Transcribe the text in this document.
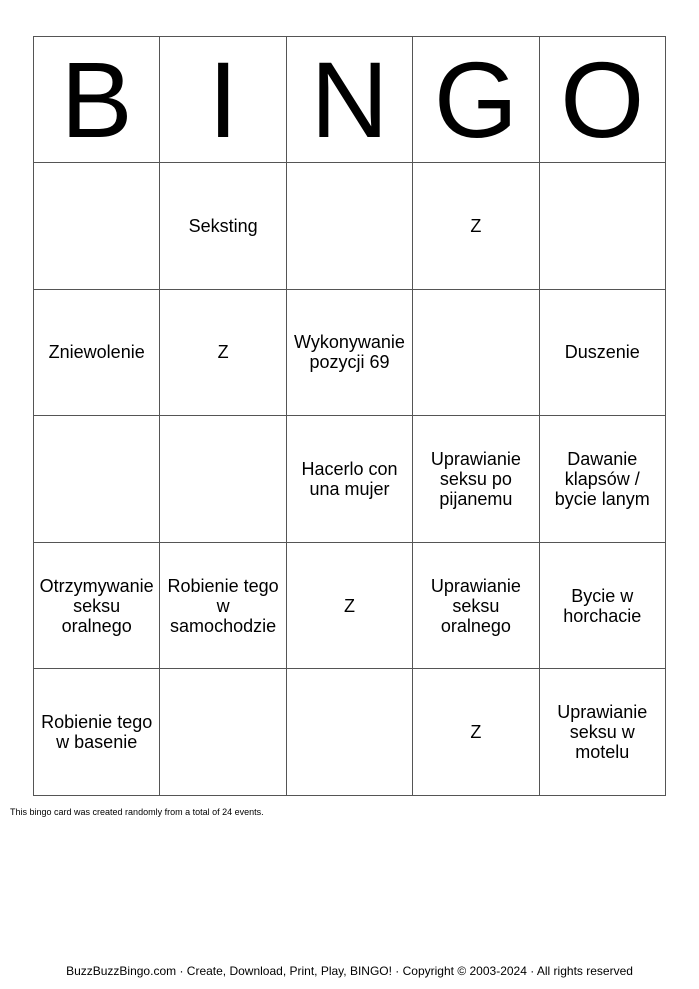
B	I	N	G	O
	Seksting		Z	
Zniewolenie	Z	Wykonywanie pozycji 69		Duszenie
		Hacerlo con una mujer	Uprawianie seksu po pijanemu	Dawanie klapsów / bycie lanym
Otrzymywanie seksu oralnego	Robienie tego w samochodzie	Z	Uprawianie seksu oralnego	Bycie w horchacie
Robienie tego w basenie			Z	Uprawianie seksu w motelu

This bingo card was created randomly from a total of 24 events.

BuzzBuzzBingo.com · Create, Download, Print, Play, BINGO! · Copyright © 2003-2024 · All rights reserved
